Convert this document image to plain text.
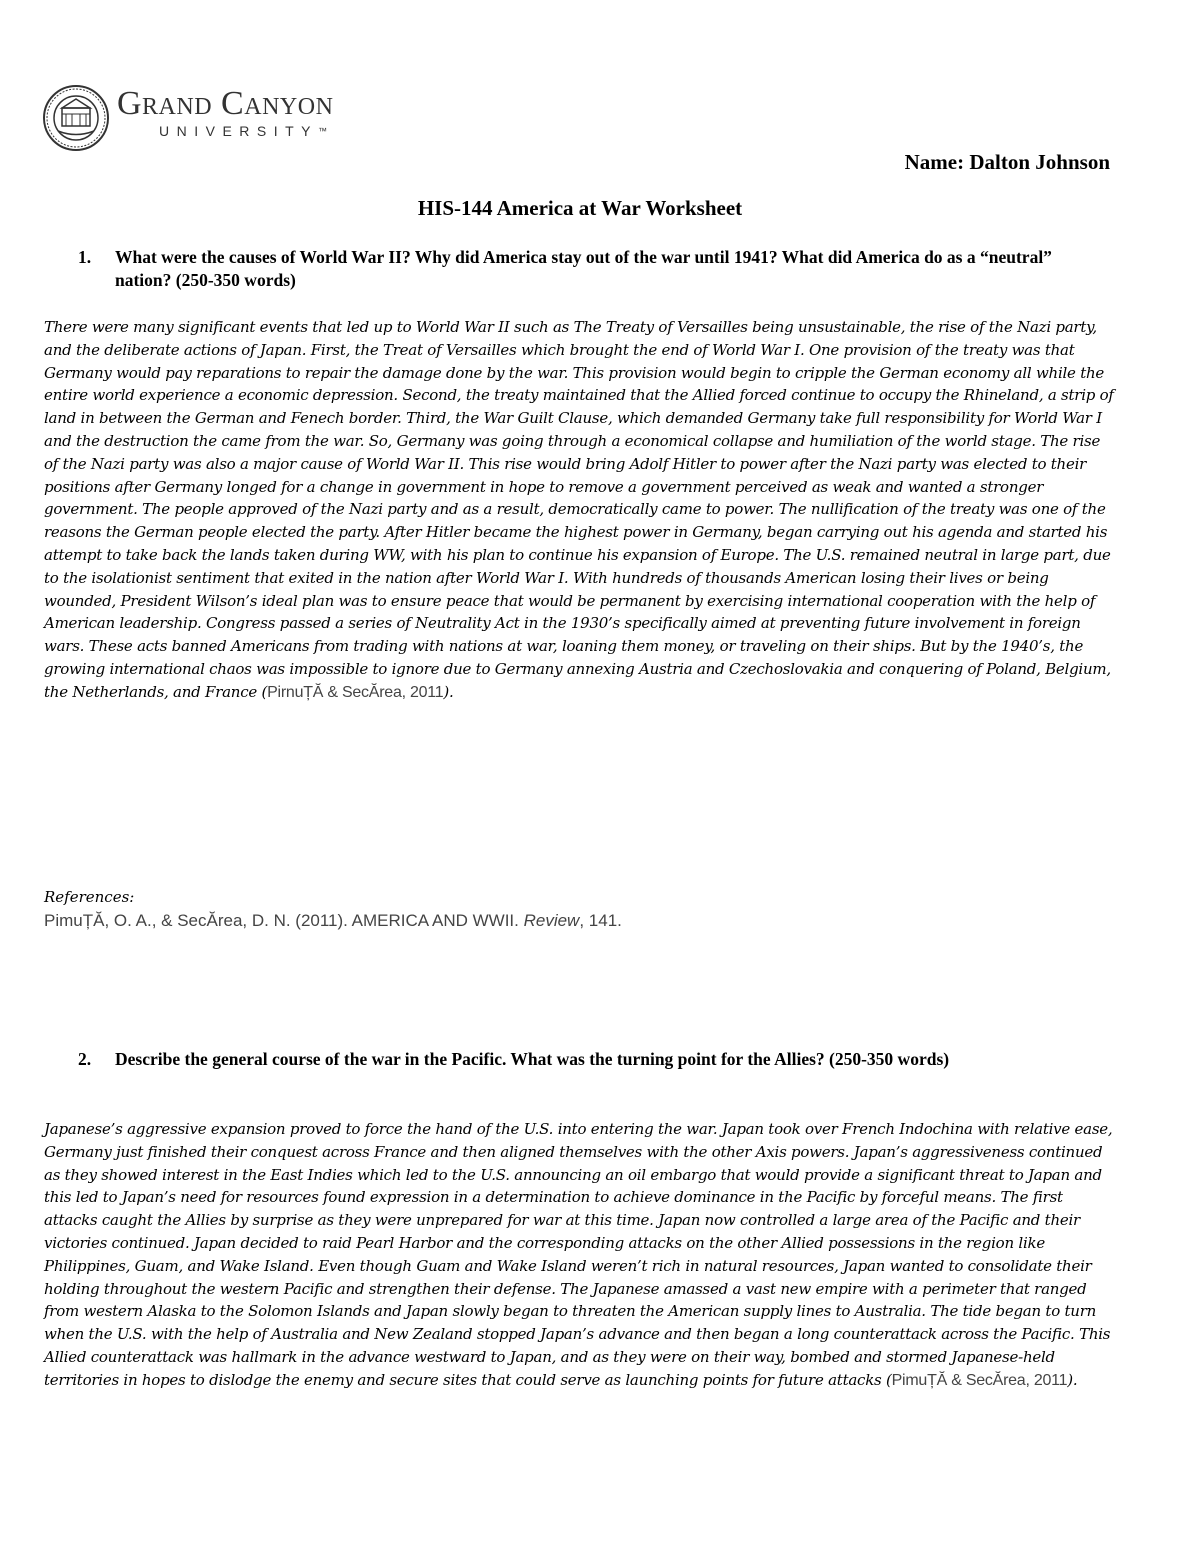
Grand Canyon
UNIVERSITY™
Name: Dalton Johnson
HIS-144 America at War Worksheet
1. What were the causes of World War II? Why did America stay out of the war until 1941? What did America do as a “neutral” nation? (250-350 words)
There were many significant events that led up to World War II such as The Treaty of Versailles being unsustainable, the rise of the Nazi party, and the deliberate actions of Japan. First, the Treat of Versailles which brought the end of World War I. One provision of the treaty was that Germany would pay reparations to repair the damage done by the war. This provision would begin to cripple the German economy all while the entire world experience a economic depression. Second, the treaty maintained that the Allied forced continue to occupy the Rhineland, a strip of land in between the German and Fenech border. Third, the War Guilt Clause, which demanded Germany take full responsibility for World War I and the destruction the came from the war. So, Germany was going through a economical collapse and humiliation of the world stage. The rise of the Nazi party was also a major cause of World War II. This rise would bring Adolf Hitler to power after the Nazi party was elected to their positions after Germany longed for a change in government in hope to remove a government perceived as weak and wanted a stronger government. The people approved of the Nazi party and as a result, democratically came to power. The nullification of the treaty was one of the reasons the German people elected the party. After Hitler became the highest power in Germany, began carrying out his agenda and started his attempt to take back the lands taken during WW, with his plan to continue his expansion of Europe. The U.S. remained neutral in large part, due to the isolationist sentiment that exited in the nation after World War I. With hundreds of thousands American losing their lives or being wounded, President Wilson’s ideal plan was to ensure peace that would be permanent by exercising international cooperation with the help of American leadership. Congress passed a series of Neutrality Act in the 1930’s specifically aimed at preventing future involvement in foreign wars. These acts banned Americans from trading with nations at war, loaning them money, or traveling on their ships. But by the 1940’s, the growing international chaos was impossible to ignore due to Germany annexing Austria and Czechoslovakia and conquering of Poland, Belgium, the Netherlands, and France (PirnuȚĂ & SecĂrea, 2011).
References:
PimuȚĂ, O. A., & SecĂrea, D. N. (2011). AMERICA AND WWII. Review, 141.
2. Describe the general course of the war in the Pacific. What was the turning point for the Allies? (250-350 words)
Japanese’s aggressive expansion proved to force the hand of the U.S. into entering the war. Japan took over French Indochina with relative ease, Germany just finished their conquest across France and then aligned themselves with the other Axis powers. Japan’s aggressiveness continued as they showed interest in the East Indies which led to the U.S. announcing an oil embargo that would provide a significant threat to Japan and this led to Japan’s need for resources found expression in a determination to achieve dominance in the Pacific by forceful means. The first attacks caught the Allies by surprise as they were unprepared for war at this time. Japan now controlled a large area of the Pacific and their victories continued. Japan decided to raid Pearl Harbor and the corresponding attacks on the other Allied possessions in the region like Philippines, Guam, and Wake Island. Even though Guam and Wake Island weren’t rich in natural resources, Japan wanted to consolidate their holding throughout the western Pacific and strengthen their defense. The Japanese amassed a vast new empire with a perimeter that ranged from western Alaska to the Solomon Islands and Japan slowly began to threaten the American supply lines to Australia. The tide began to turn when the U.S. with the help of Australia and New Zealand stopped Japan’s advance and then began a long counterattack across the Pacific. This Allied counterattack was hallmark in the advance westward to Japan, and as they were on their way, bombed and stormed Japanese-held territories in hopes to dislodge the enemy and secure sites that could serve as launching points for future attacks (PimuȚĂ & SecĂrea, 2011).
